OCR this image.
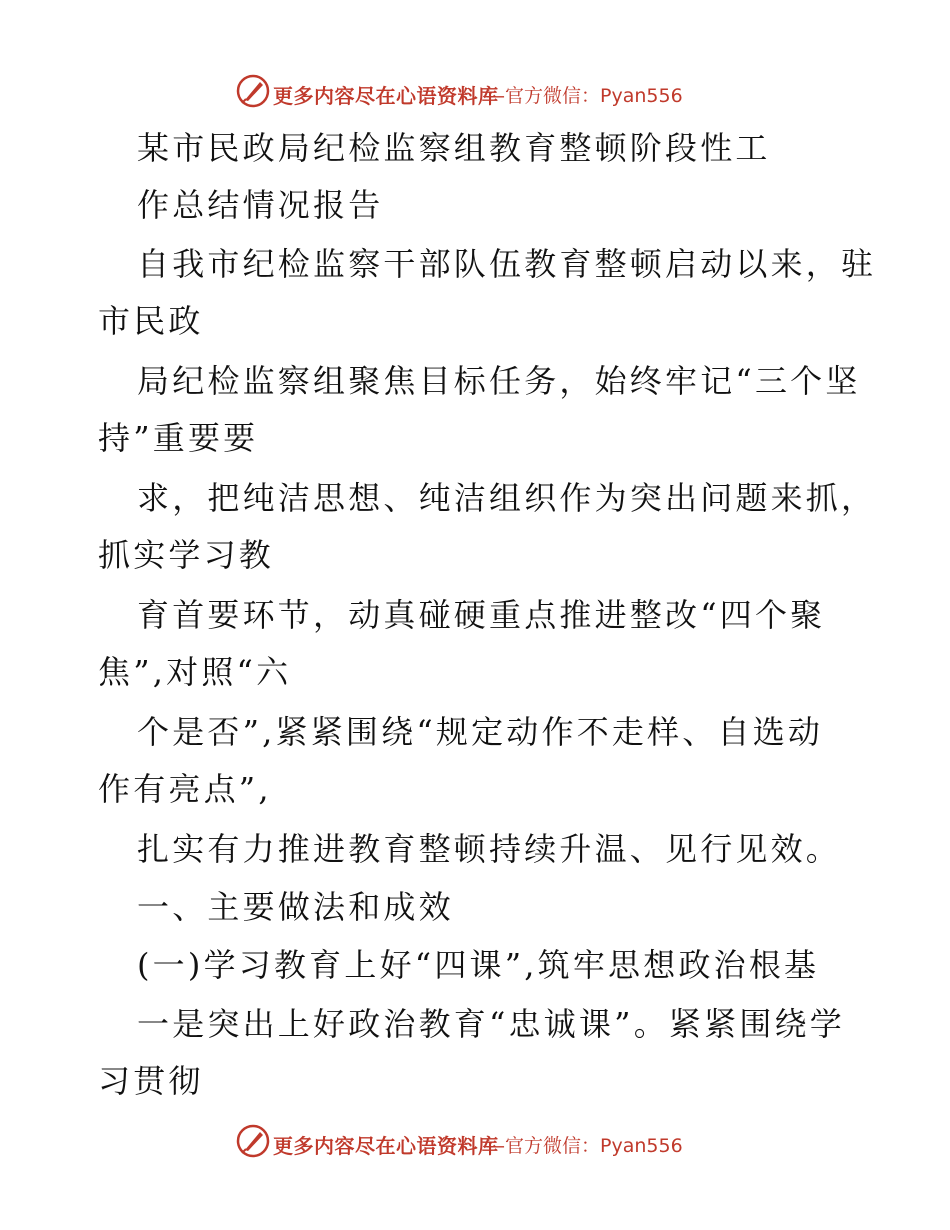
更多内容尽在心语资料库
—官方微信：Pyan556
某市民政局纪检监察组教育整顿阶段性工
作总结情况报告
自我市纪检监察干部队伍教育整顿启动以来，驻
市民政
局纪检监察组聚焦目标任务，始终牢记“三个坚
持”重要要
求，把纯洁思想、纯洁组织作为突出问题来抓，
抓实学习教
育首要环节，动真碰硬重点推进整改“四个聚
焦”,对照“六
个是否”,紧紧围绕“规定动作不走样、自选动
作有亮点”,
扎实有力推进教育整顿持续升温、见行见效。
一、主要做法和成效
(一)学习教育上好“四课”,筑牢思想政治根基
一是突出上好政治教育“忠诚课”。紧紧围绕学
习贯彻
更多内容尽在心语资料库
—官方微信：Pyan556
